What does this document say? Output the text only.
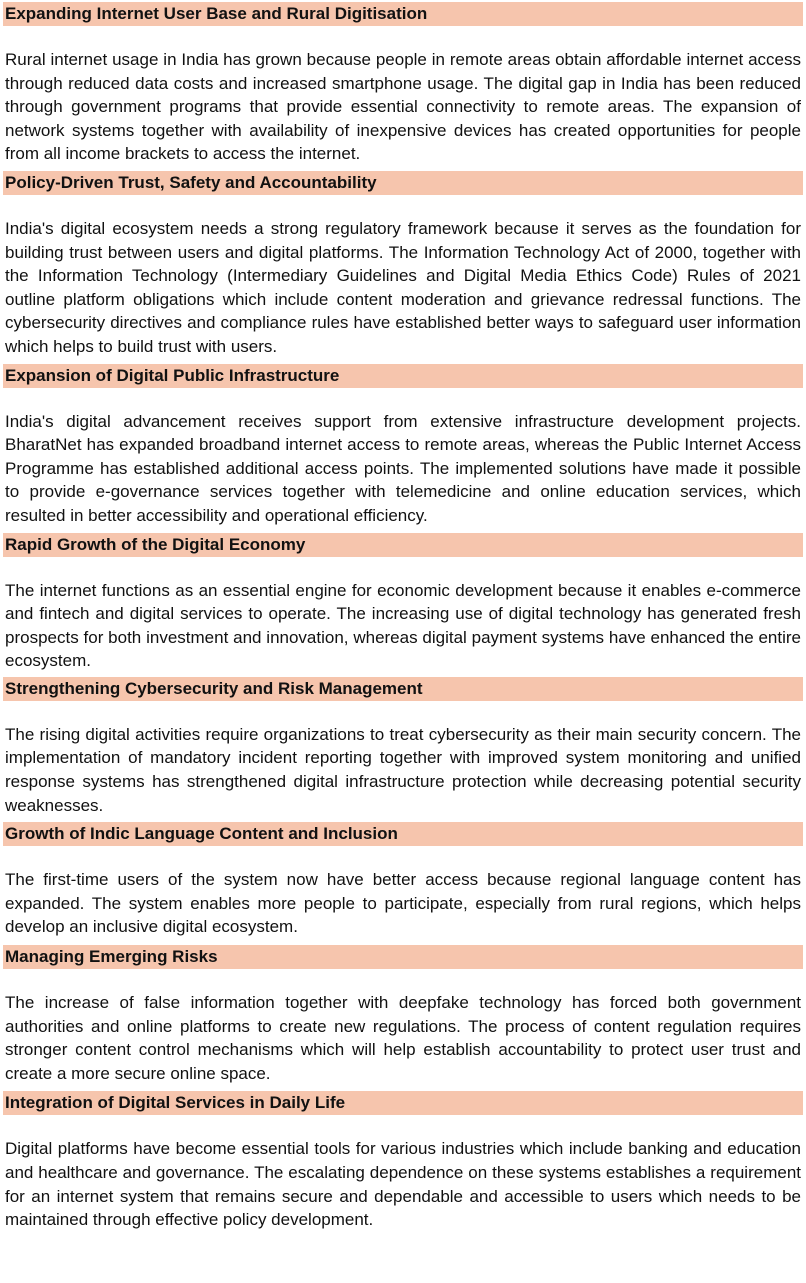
Expanding Internet User Base and Rural Digitisation

Rural internet usage in India has grown because people in remote areas obtain affordable internet access through reduced data costs and increased smartphone usage. The digital gap in India has been reduced through government programs that provide essential connectivity to remote areas. The expansion of network systems together with availability of inexpensive devices has created opportunities for people from all income brackets to access the internet.

Policy-Driven Trust, Safety and Accountability

India's digital ecosystem needs a strong regulatory framework because it serves as the foundation for building trust between users and digital platforms. The Information Technology Act of 2000, together with the Information Technology (Intermediary Guidelines and Digital Media Ethics Code) Rules of 2021 outline platform obligations which include content moderation and grievance redressal functions. The cybersecurity directives and compliance rules have established better ways to safeguard user information which helps to build trust with users.

Expansion of Digital Public Infrastructure

India's digital advancement receives support from extensive infrastructure development projects. BharatNet has expanded broadband internet access to remote areas, whereas the Public Internet Access Programme has established additional access points. The implemented solutions have made it possible to provide e-governance services together with telemedicine and online education services, which resulted in better accessibility and operational efficiency.

Rapid Growth of the Digital Economy

The internet functions as an essential engine for economic development because it enables e-commerce and fintech and digital services to operate. The increasing use of digital technology has generated fresh prospects for both investment and innovation, whereas digital payment systems have enhanced the entire ecosystem.

Strengthening Cybersecurity and Risk Management

The rising digital activities require organizations to treat cybersecurity as their main security concern. The implementation of mandatory incident reporting together with improved system monitoring and unified response systems has strengthened digital infrastructure protection while decreasing potential security weaknesses.

Growth of Indic Language Content and Inclusion

The first-time users of the system now have better access because regional language content has expanded. The system enables more people to participate, especially from rural regions, which helps develop an inclusive digital ecosystem.

Managing Emerging Risks

The increase of false information together with deepfake technology has forced both government authorities and online platforms to create new regulations. The process of content regulation requires stronger content control mechanisms which will help establish accountability to protect user trust and create a more secure online space.

Integration of Digital Services in Daily Life

Digital platforms have become essential tools for various industries which include banking and education and healthcare and governance. The escalating dependence on these systems establishes a requirement for an internet system that remains secure and dependable and accessible to users which needs to be maintained through effective policy development.
